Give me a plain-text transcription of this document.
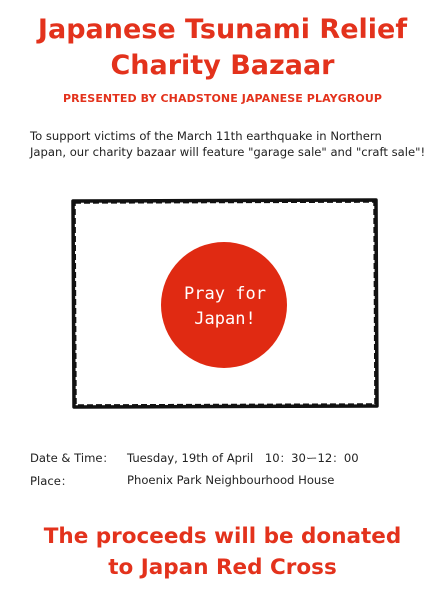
Japanese Tsunami Relief
Charity Bazaar
PRESENTED BY CHADSTONE JAPANESE PLAYGROUP
To support victims of the March 11th earthquake in Northern
Japan, our charity bazaar will feature "garage sale" and "craft sale"!
Pray for
Japan!
Date & Time： Tuesday, 19th of April　10：30ー12：00
Place：	Phoenix Park Neighbourhood House
The proceeds will be donated
to Japan Red Cross
